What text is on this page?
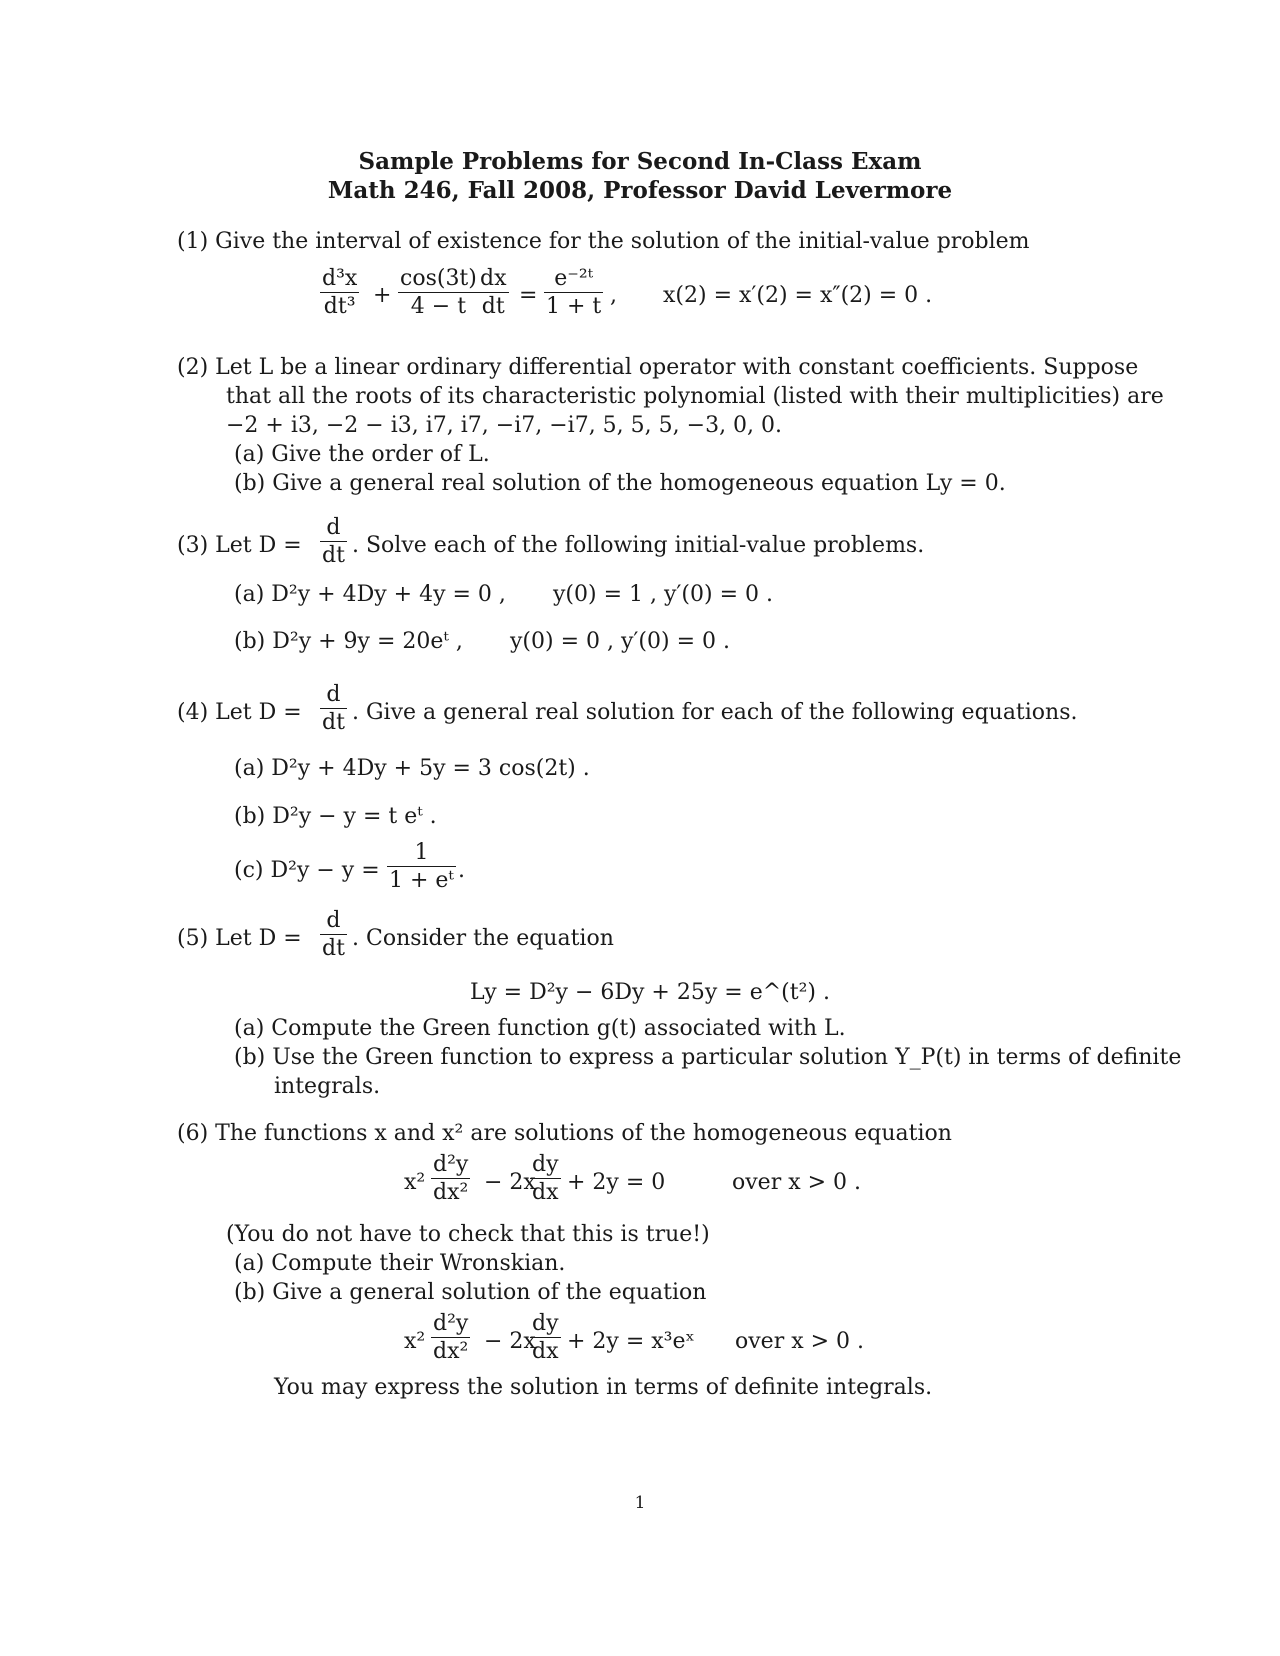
Sample Problems for Second In-Class Exam
Math 246, Fall 2008, Professor David Levermore
(1) Give the interval of existence for the solution of the initial-value problem
$\frac{\text{d³x}}{\text{dt³}} + \frac{\cos(3t)}{4 - t} \frac{dx}{dt} = \frac{\text{e⁻²ᵗ}}{1 + t}$ , x(2) = x′(2) = x″(2) = 0 .
(2) Let L be a linear ordinary differential operator with constant coefficients. Suppose
that all the roots of its characteristic polynomial (listed with their multiplicities) are
−2 + i3, −2 − i3, i7, i7, −i7, −i7, 5, 5, 5, −3, 0, 0.
(a) Give the order of L.
(b) Give a general real solution of the homogeneous equation Ly = 0.
(3) Let $D = \frac{d}{dt}$ . Solve each of the following initial-value problems.
(a) D²y + 4Dy + 4y = 0 , y(0) = 1 , y′(0) = 0 .
(b) D²y + 9y = 20eᵗ , y(0) = 0 , y′(0) = 0 .
(4) Let $D = \frac{d}{dt}$ . Give a general real solution for each of the following equations.
(a) D²y + 4Dy + 5y = 3 cos(2t) .
(b) D²y − y = t eᵗ .
(c) $D^2y - y = \frac{1}{\text{1 + eᵗ}}$ .
(5) Let $D = \frac{d}{dt}$ . Consider the equation
Ly = D²y − 6Dy + 25y = e^(t²) .
(a) Compute the Green function g(t) associated with L.
(b) Use the Green function to express a particular solution Y_P(t) in terms of definite
integrals.
(6) The functions x and x² are solutions of the homogeneous equation
$x^2 \frac{\text{d²y}}{\text{dx²}} - 2x$
$\frac{dy}{dx} + 2y = 0$	over x > 0 .
(You do not have to check that this is true!)
(a) Compute their Wronskian.
(b) Give a general solution of the equation
$x^2 \frac{\text{d²y}}{\text{dx²}} - 2x$
$\frac{dy}{dx} + 2y$ = x³eˣ over x > 0 .
You may express the solution in terms of definite integrals.
1
